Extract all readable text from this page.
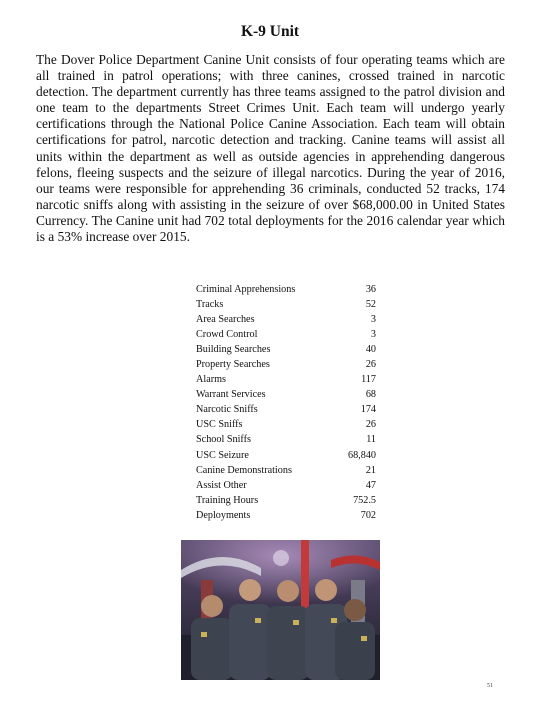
K-9 Unit

The Dover Police Department Canine Unit consists of four operating teams which are all trained in patrol operations; with three canines, crossed trained in narcotic detection. The department currently has three teams assigned to the patrol division and one team to the departments Street Crimes Unit. Each team will undergo yearly certifications through the National Police Canine Association. Each team will obtain certifications for patrol, narcotic detection and tracking. Canine teams will assist all units within the department as well as outside agencies in apprehending dangerous felons, fleeing suspects and the seizure of illegal narcotics. During the year of 2016, our teams were responsible for apprehending 36 criminals, conducted 52 tracks, 174 narcotic sniffs along with assisting in the seizure of over $68,000.00 in United States Currency. The Canine unit had 702 total deployments for the 2016 calendar year which is a 53% increase over 2015.

Criminal Apprehensions	36
Tracks	52
Area Searches	3
Crowd Control	3
Building Searches	40
Property Searches	26
Alarms	117
Warrant Services	68
Narcotic Sniffs	174
USC Sniffs	26
School Sniffs	11
USC Seizure	68,840
Canine Demonstrations	21
Assist Other	47
Training Hours	752.5
Deployments	702
51
